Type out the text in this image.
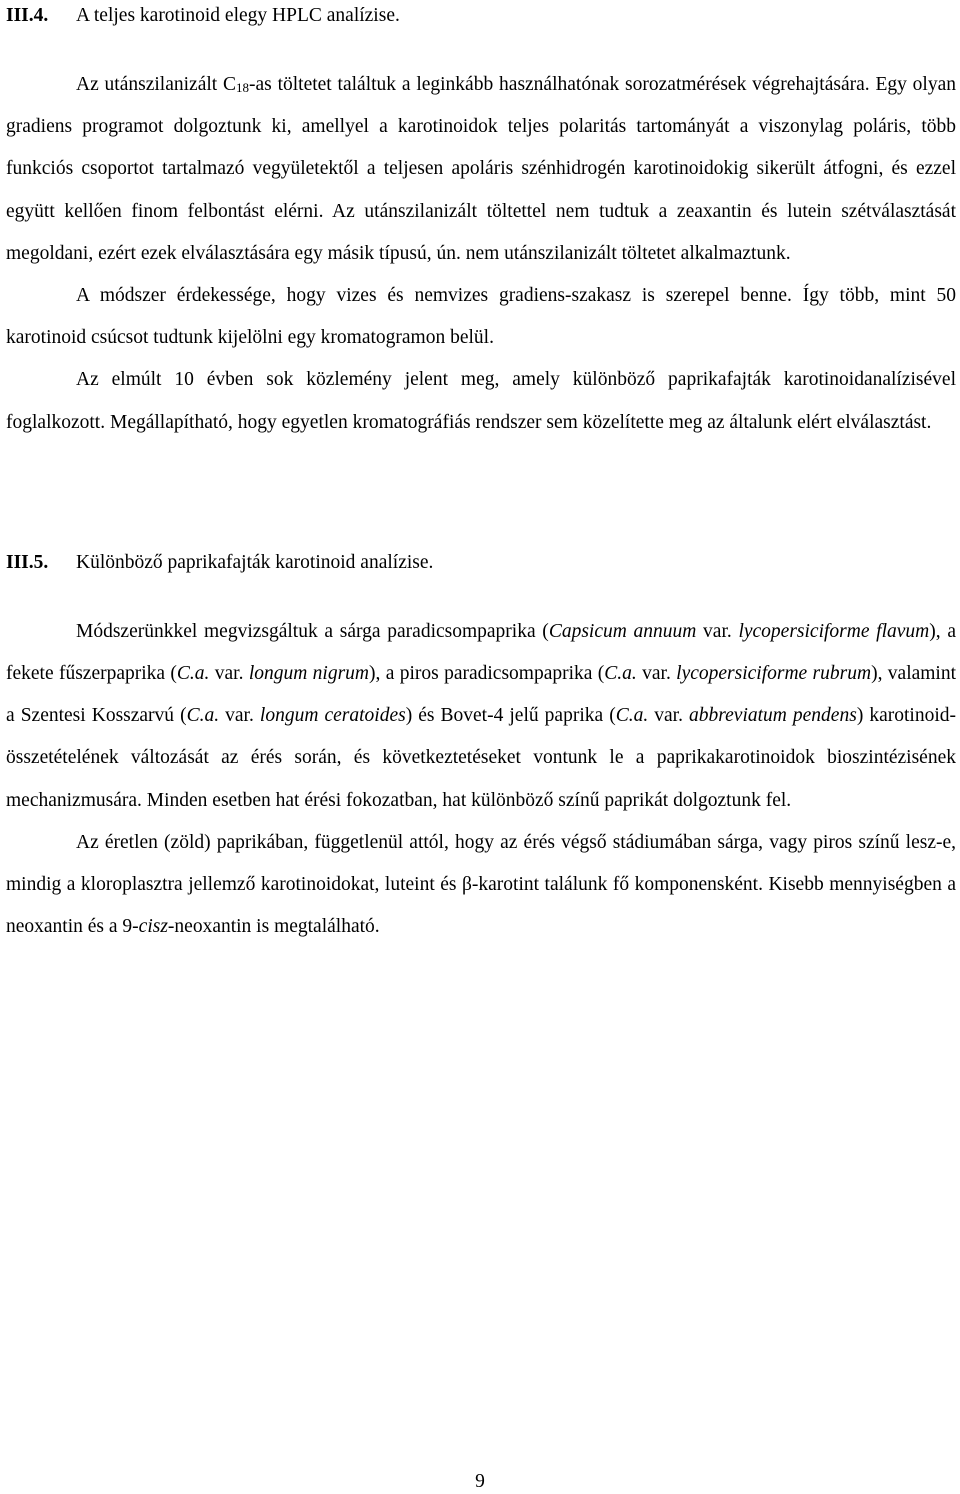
III.4. A teljes karotinoid elegy HPLC analízise.

Az utánszilanizált $C_{18}-as$ töltetet találtuk a leginkább használhatónak sorozatmérések végrehajtására. Egy olyan gradiens programot dolgoztunk ki, amellyel a karotinoidok teljes polaritás tartományát a viszonylag poláris, több funkciós csoportot tartalmazó vegyületektől a teljesen apoláris szénhidrogén karotinoidokig sikerült átfogni, és ezzel együtt kellően finom felbontást elérni. Az utánszilanizált töltettel nem tudtuk a zeaxantin és lutein szétválasztását megoldani, ezért ezek elválasztására egy másik típusú, ún. nem utánszilanizált töltetet alkalmaztunk.

A módszer érdekessége, hogy vizes és nemvizes gradiens-szakasz is szerepel benne. Így több, mint 50 karotinoid csúcsot tudtunk kijelölni egy kromatogramon belül.

Az elmúlt 10 évben sok közlemény jelent meg, amely különböző paprikafajták karotinoidanalízisével foglalkozott. Megállapítható, hogy egyetlen kromatográfiás rendszer sem közelítette meg az általunk elért elválasztást.

III.5. Különböző paprikafajták karotinoid analízise.

Módszerünkkel megvizsgáltuk a sárga paradicsompaprika (Capsicum annuum var. lycopersiciforme flavum), a fekete fűszerpaprika (C.a. var. longum nigrum), a piros paradicsompaprika (C.a. var. lycopersiciforme rubrum), valamint a Szentesi Kosszarvú (C.a. var. longum ceratoides) és Bovet-4 jelű paprika (C.a. var. abbreviatum pendens) karotinoid-összetételének változását az érés során, és következtetéseket vontunk le a paprikakarotinoidok bioszintézisének mechanizmusára. Minden esetben hat érési fokozatban, hat különböző színű paprikát dolgoztunk fel.

Az éretlen (zöld) paprikában, függetlenül attól, hogy az érés végső stádiumában sárga, vagy piros színű lesz-e, mindig a kloroplasztra jellemző karotinoidokat, luteint és β-karotint találunk fő komponensként. Kisebb mennyiségben a neoxantin és a 9-cisz-neoxantin is megtalálható.

9
